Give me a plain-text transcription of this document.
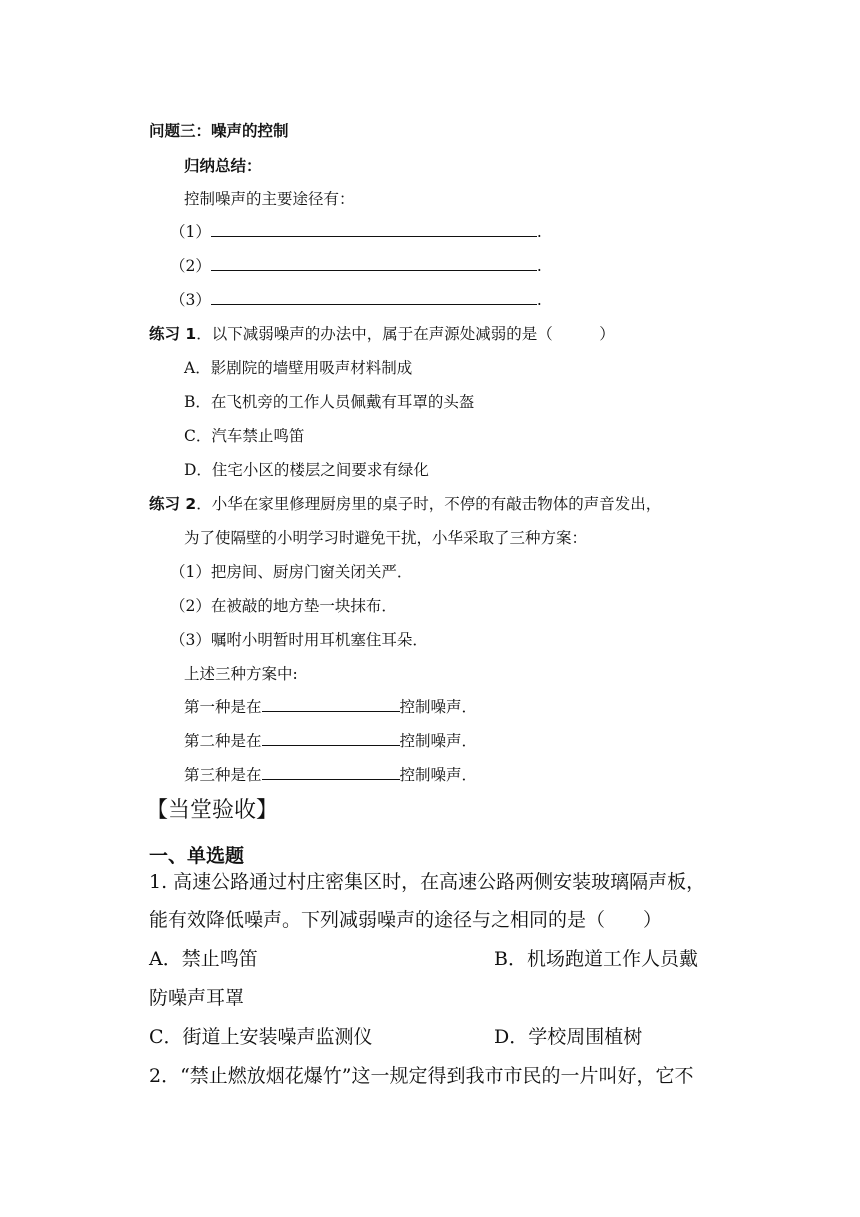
问题三：噪声的控制
归纳总结：
控制噪声的主要途径有：
（1）	.
（2）	.
（3）	.
练习 1．以下减弱噪声的办法中，属于在声源处减弱的是（　　　）
A．影剧院的墙壁用吸声材料制成
B．在飞机旁的工作人员佩戴有耳罩的头盔
C．汽车禁止鸣笛
D．住宅小区的楼层之间要求有绿化
练习 2．小华在家里修理厨房里的桌子时，不停的有敲击物体的声音发出，
为了使隔壁的小明学习时避免干扰，小华采取了三种方案：
（1）把房间、厨房门窗关闭关严．
（2）在被敲的地方垫一块抹布．
（3）嘱咐小明暂时用耳机塞住耳朵．
上述三种方案中:
第一种是在	控制噪声．
第二种是在	控制噪声．
第三种是在	控制噪声．
【当堂验收】
一、单选题
1. 高速公路通过村庄密集区时，在高速公路两侧安装玻璃隔声板，
能有效降低噪声。下列减弱噪声的途径与之相同的是（　　）
A．禁止鸣笛	B．机场跑道工作人员戴
防噪声耳罩
C．街道上安装噪声监测仪	D．学校周围植树
2．“禁止燃放烟花爆竹”这一规定得到我市市民的一片叫好，它不
